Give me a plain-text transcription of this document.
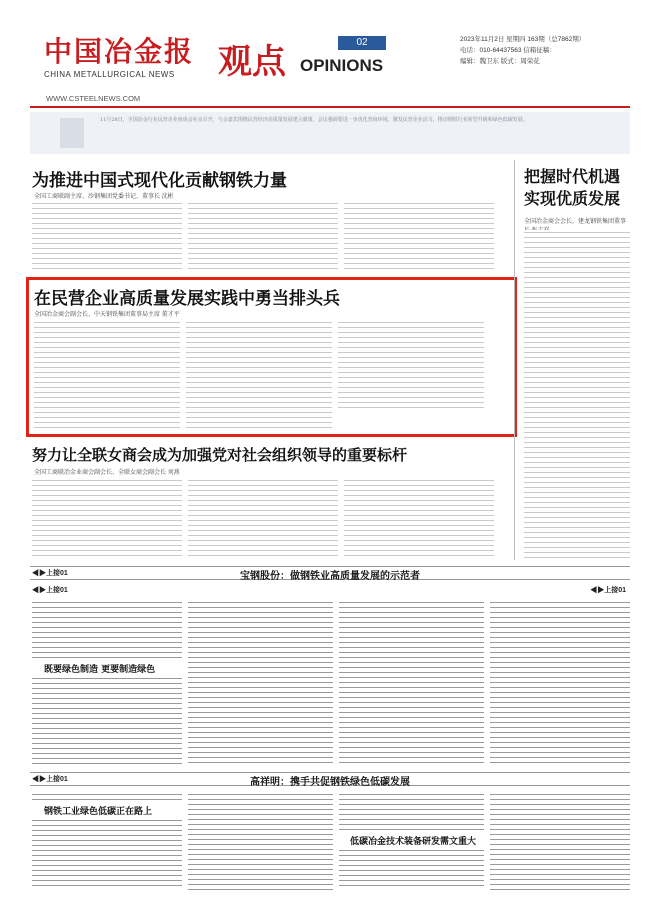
中国冶金报
CHINA METALLURGICAL NEWS
WWW.CSTEELNEWS.COM
观点	02
OPINIONS
2023年11月2日 星期四 163期（总7862期）
电话：010-64437563 信箱征稿：
编辑：魏卫东 版式：周荣花
11月28日，全国冶金行业民营企业座谈会在京召开，与会嘉宾围绕民营经济高质量发展建言献策，会议强调要进一步优化营商环境，激发民营企业活力，推动钢铁行业转型升级和绿色低碳发展。
为推进中国式现代化贡献钢铁力量
全国工商联副主席、沙钢集团党委书记、董事长 沈彬
在民营企业高质量发展实践中勇当排头兵
全国冶金商会副会长、中天钢铁集团董事局主席 董才平
努力让全联女商会成为加强党对社会组织领导的重要标杆
全国工商联冶金业商会副会长、全联女商会副会长 刘燕
把握时代机遇
实现优质发展
全国冶金商会会长、建龙钢铁集团董事
◀▶上接01	宝钢股份：做钢铁业高质量发展的示范者
◀▶上接01	◀▶上接01
既要绿色制造 更要制造绿色
◀▶上接01	高祥明：携手共促钢铁绿色低碳发展
钢铁工业绿色低碳正在路上
低碳冶金技术装备研发需文重大
